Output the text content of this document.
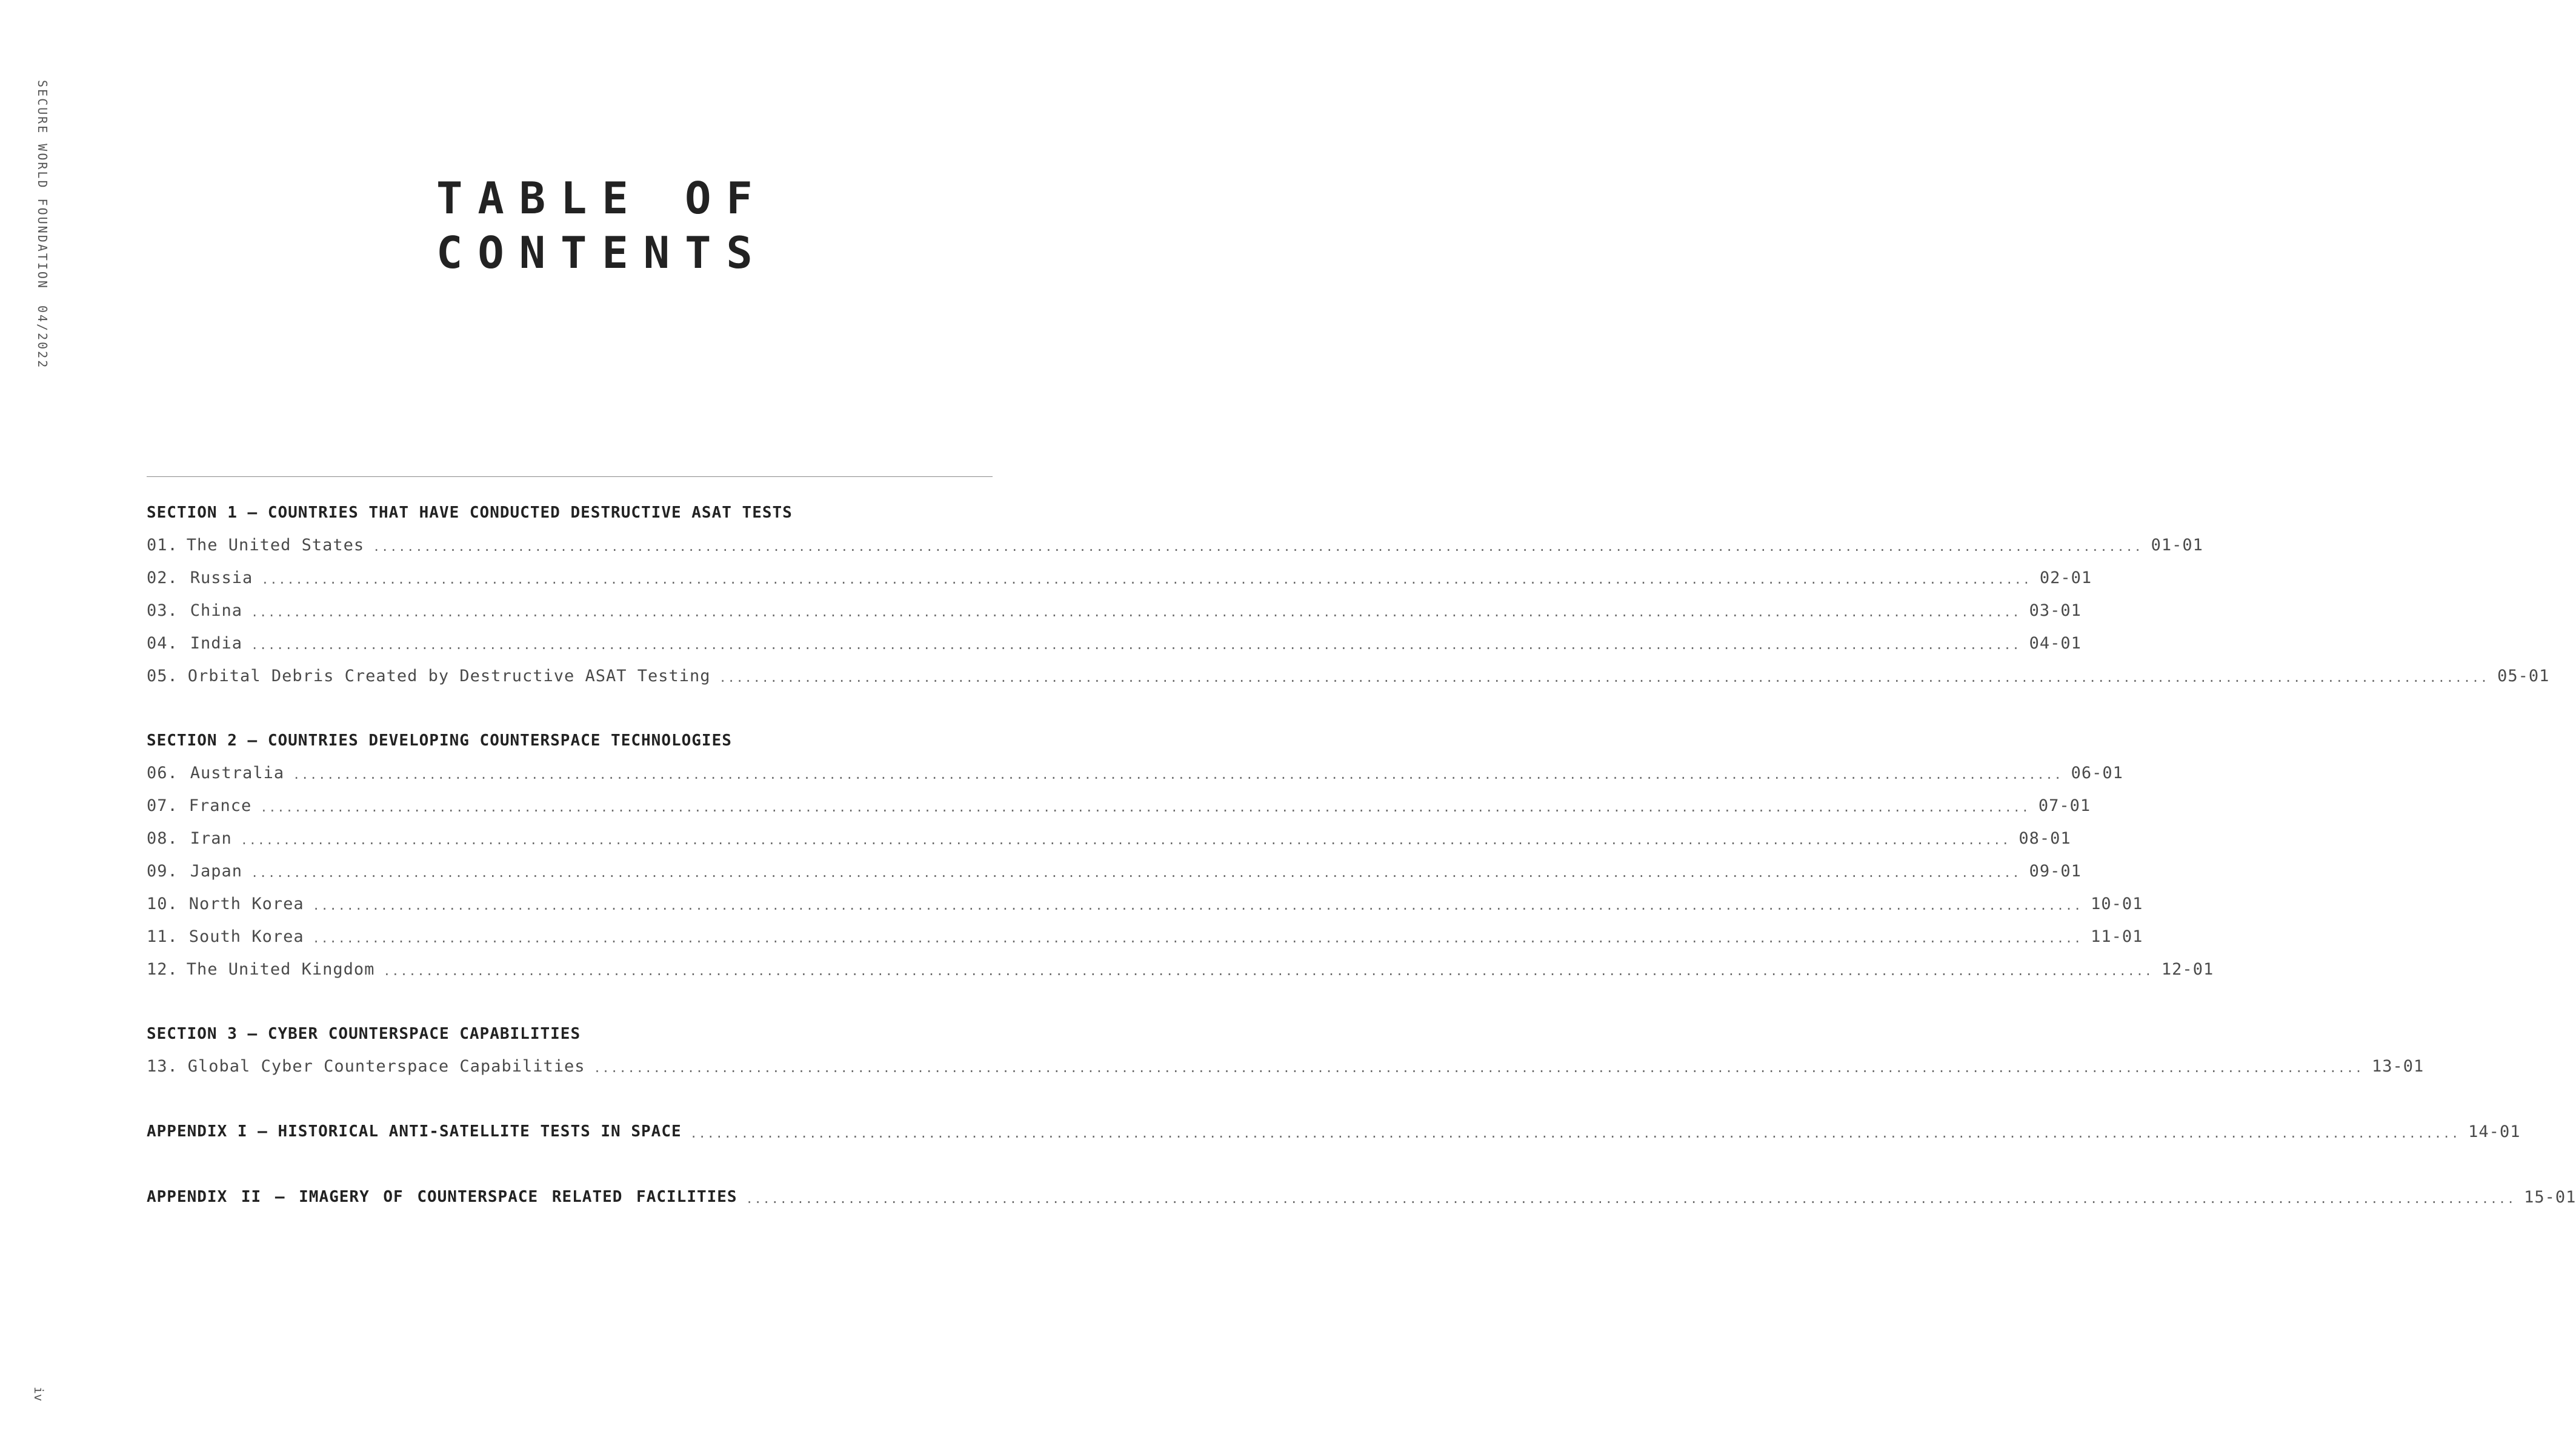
SECURE WORLD FOUNDATION04/2022
iv
TABLE OF
CONTENTS
SECTION 1 — COUNTRIES THAT HAVE CONDUCTED DESTRUCTIVE ASAT TESTS
01. The United States ................................................................................................................................................................................................................ 01-01
02. Russia ................................................................................................................................................................................................................ 02-01
03. China ................................................................................................................................................................................................................ 03-01
04. India ................................................................................................................................................................................................................ 04-01
05. Orbital Debris Created by Destructive ASAT Testing ................................................................................................................................................................................................................ 05-01
SECTION 2 — COUNTRIES DEVELOPING COUNTERSPACE TECHNOLOGIES
06. Australia ................................................................................................................................................................................................................ 06-01
07. France ................................................................................................................................................................................................................ 07-01
08. Iran ................................................................................................................................................................................................................ 08-01
09. Japan ................................................................................................................................................................................................................ 09-01
10. North Korea ................................................................................................................................................................................................................ 10-01
11. South Korea ................................................................................................................................................................................................................ 11-01
12. The United Kingdom ................................................................................................................................................................................................................ 12-01
SECTION 3 — CYBER COUNTERSPACE CAPABILITIES
13. Global Cyber Counterspace Capabilities ................................................................................................................................................................................................................ 13-01
APPENDIX I — HISTORICAL ANTI-SATELLITE TESTS IN SPACE ................................................................................................................................................................................................................ 14-01
APPENDIX II — IMAGERY OF COUNTERSPACE RELATED FACILITIES ................................................................................................................................................................................................................ 15-01
